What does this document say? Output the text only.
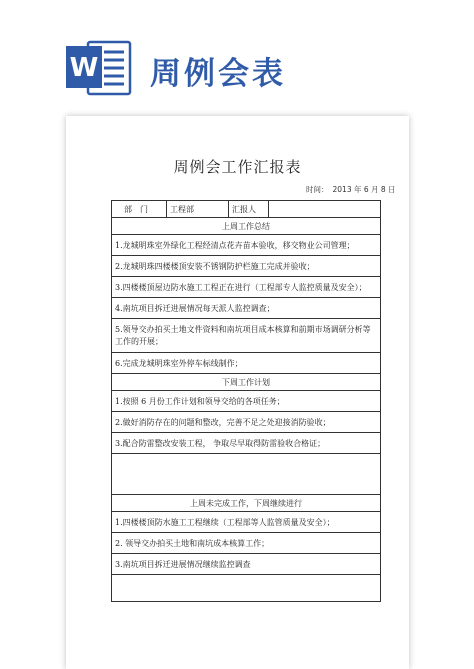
W 周例会表

周例会工作汇报表
时间： 2013 年 6 月 8 日
部　门	工程部	汇报人	
上周工作总结
1.龙城明珠室外绿化工程经清点花卉苗本验收，移交物业公司管理；
2.龙城明珠四楼楼顶安装不锈钢防护栏施工完成并验收；
3.四楼楼顶屋边防水施工工程正在进行（工程部专人监控质量及安全）；
4.南坑项目拆迁进展情况每天派人监控调查；
5.领导交办拍买土地文件资料和南坑项目成本核算和前期市场调研分析等工作的开展；
6.完成龙城明珠室外停车标线制作；
下周工作计划
1.按照 6 月份工作计划和领导交给的各项任务；
2.做好消防存在的问题和整改，完善不足之处迎接消防验收；
3.配合防雷整改安装工程， 争取尽早取得防雷验收合格证；

上周未完成工作，下周继续进行
1.四楼楼顶防水施工工程继续（工程部等人监管质量及安全）；
2. 领导交办拍买土地和南坑成本核算工作；
3.南坑项目拆迁进展情况继续监控调查
